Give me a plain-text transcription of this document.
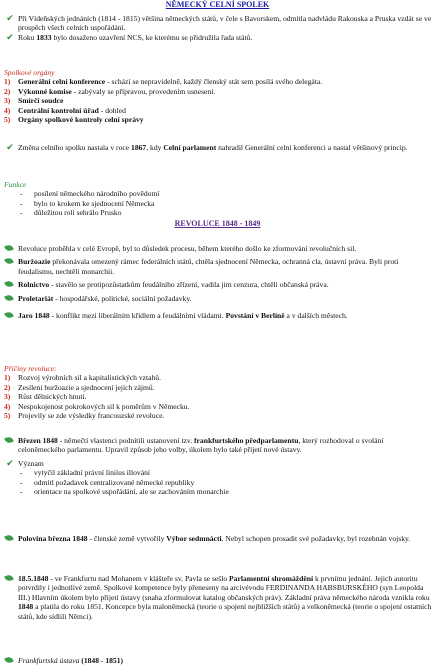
NĚMECKÝ CELNÍ SPOLEK
✔ Při Vídeňských jednáních (1814 - 1815) většina německých států, v čele s Bavorskem, odmítla nadvládu Rakouska a Pruska vzdát se ve prospěch všech celních uspořádání.
✔ Roku 1833 bylo dosaženo uzavření NCS, ke kterému se přidružila řada států.
Spolkové orgány
1) Generální celní konference - schází se nepravidelně, každý členský stát sem posílá svého delegáta.
2) Výkonné komise - zabývaly se přípravou, provedením usnesení.
3) Smírčí soudce
4) Centrální kontrolní úřad - dohled
5) Orgány spolkové kontroly celní správy
✔ Změna celního spolku nastala v roce 1867, kdy Celní parlament nahradil Generální celní konferenci a nastal většinový princip.
Funkce
- posílení německého národního povědomí
- bylo to krokem ke sjednocení Německa
- důležitou roli sehrálo Prusko
REVOLUCE 1848 - 1849
Revoluce proběhla v celé Evropě, byl to důsledek procesu, během kterého došlo ke zformování revolučních sil.
Buržoazie překonávala omezený rámec federálních států, chtěla sjednocení Německa, ochranná cla, ústavní práva. Byli proti feudalismu, nechtěli monarchii.
Rolnictvo - stavělo se protipozůstatkům feudálního zřízení, vadila jim cenzura, chtěli občanská práva.
Proletariát - hospodářské, politické, sociální požadavky.
Jaro 1848 - konflikt mezi liberálním křídlem a feudálními vládami. Povstání v Berlíně a v dalších městech.
Příčiny revoluce:
1) Rozvoj výrobních sil a kapitalistických vztahů.
2) Zesílení buržoazie a sjednocení jejích zájmů.
3) Růst dělnických hnutí.
4) Nespokojenost pokrokových sil k poměrům v Německu.
5) Projevily se zde výsledky francouzské revoluce.
Březen 1848 - němečtí vlastenci podnítili ustanovení tzv. frankfurtského předparlamentu, který rozhodoval o svolání celoněmeckého parlamentu. Upravil způsob jeho volby, úkolem bylo také přijetí nové ústavy.
✔ Význam
- vytyčil základní právní liniíus illování
- odmítl požadavek centralizované německé republiky
- orientace na spolkové uspořádání, ale se zachováním monarchie
Polovina března 1848 - členské země vytvořily Výbor sedmnácti. Nebyl schopen prosadit své požadavky, byl rozehnán vojsky.
18.5.1848 - ve Frankfurtu nad Mohanem v klášteře sv. Pavla se sešlo Parlamentní shromáždění k prvnímu jednání. Jejich autoritu potvrdily i jednotlivé země. Spolkové kompetence byly přeneseny na arcivévodu FERDINANDA HABSBURSKÉHO (syn Leopolda III.) Hlavním úkolem bylo přijetí ústavy (snaha zformulovat katalog občanských práv). Základní práva německého národa vznikla roku 1848 a platila do roku 1851. Koncepce byla maloněmecká (teorie o spojení nejbližších států) a velkoněmecká (teorie o spojení ostatních států, kde sídlili Němci).
Frankfurtská ústava (1848 - 1851)
